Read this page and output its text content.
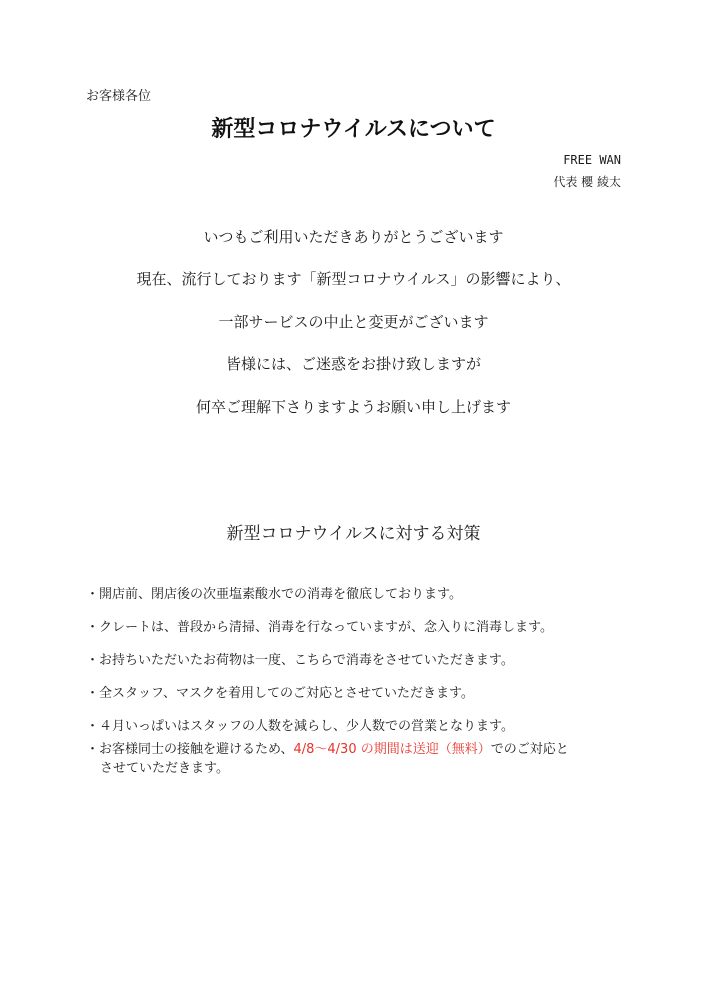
お客様各位
新型コロナウイルスについて
FREE WAN
代表 櫻 綾太
いつもご利用いただきありがとうございます
現在、流行しております「新型コロナウイルス」の影響により、
一部サービスの中止と変更がございます
皆様には、ご迷惑をお掛け致しますが
何卒ご理解下さりますようお願い申し上げます
新型コロナウイルスに対する対策
・開店前、閉店後の次亜塩素酸水での消毒を徹底しております。
・クレートは、普段から清掃、消毒を行なっていますが、念入りに消毒します。
・お持ちいただいたお荷物は一度、こちらで消毒をさせていただきます。
・全スタッフ、マスクを着用してのご対応とさせていただきます。
・４月いっぱいはスタッフの人数を減らし、少人数での営業となります。
・お客様同士の接触を避けるため、4/8～4/30 の期間は送迎（無料）でのご対応と
させていただきます。
